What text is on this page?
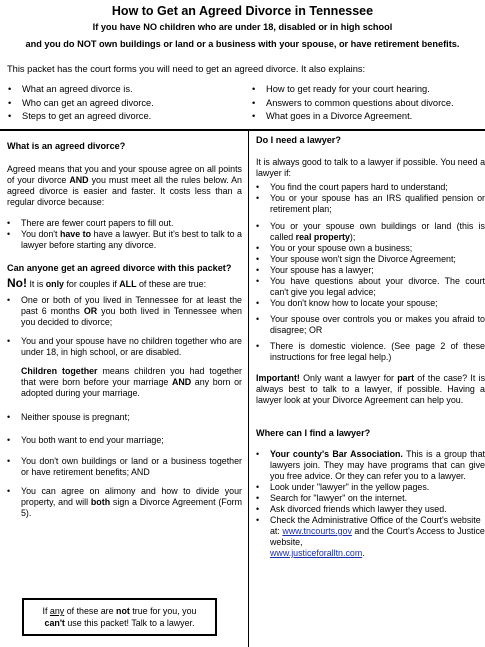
How to Get an Agreed Divorce in Tennessee
If you have NO children who are under 18, disabled or in high school
and you do NOT own buildings or land or a business with your spouse, or have retirement benefits.
This packet has the court forms you will need to get an agreed divorce. It also explains:
•	What an agreed divorce is.
•	Who can get an agreed divorce.
•	Steps to get an agreed divorce.
•	How to get ready for your court hearing.
•	Answers to common questions about divorce.
•	What goes in a Divorce Agreement.
What is an agreed divorce?
Agreed means that you and your spouse agree on all points of your divorce AND you must meet all the rules below. An agreed divorce is easier and faster. It costs less than a regular divorce because:
•	There are fewer court papers to fill out.
•	You don't have to have a lawyer. But it's best to talk to a lawyer before starting any divorce.
Can anyone get an agreed divorce with this packet?
No! It is only for couples if ALL of these are true:
•	One or both of you lived in Tennessee for at least the past 6 months OR you both lived in Tennessee when you decided to divorce;
•	You and your spouse have no children together who are under 18, in high school, or are disabled.
Children together means children you had together that were born before your marriage AND any born or adopted during your marriage.
•	Neither spouse is pregnant;
•	You both want to end your marriage;
•	You don't own buildings or land or a business together or have retirement benefits; AND
•	You can agree on alimony and how to divide your property, and will both sign a Divorce Agreement (Form 5).
If any of these are not true for you, you
can't use this packet! Talk to a lawyer.
Do I need a lawyer?
It is always good to talk to a lawyer if possible. You need a lawyer if:
•	You find the court papers hard to understand;
•	You or your spouse has an IRS qualified pension or retirement plan;
•	You or your spouse own buildings or land (this is called real property);
•	You or your spouse own a business;
•	Your spouse won't sign the Divorce Agreement;
•	Your spouse has a lawyer;
•	You have questions about your divorce. The court can't give you legal advice;
•	You don't know how to locate your spouse;
•	Your spouse over controls you or makes you afraid to disagree; OR
•	There is domestic violence. (See page 2 of these instructions for free legal help.)
Important! Only want a lawyer for part of the case? It is always best to talk to a lawyer, if possible. Having a lawyer look at your Divorce Agreement can help you.
Where can I find a lawyer?
•	Your county's Bar Association. This is a group that lawyers join. They may have programs that can give you free advice. Or they can refer you to a lawyer.
•	Look under "lawyer" in the yellow pages.
•	Search for "lawyer" on the internet.
•	Ask divorced friends which lawyer they used.
•	Check the Administrative Office of the Court's website at: www.tncourts.gov and the Court's Access to Justice website,
www.justiceforalltn.com.
